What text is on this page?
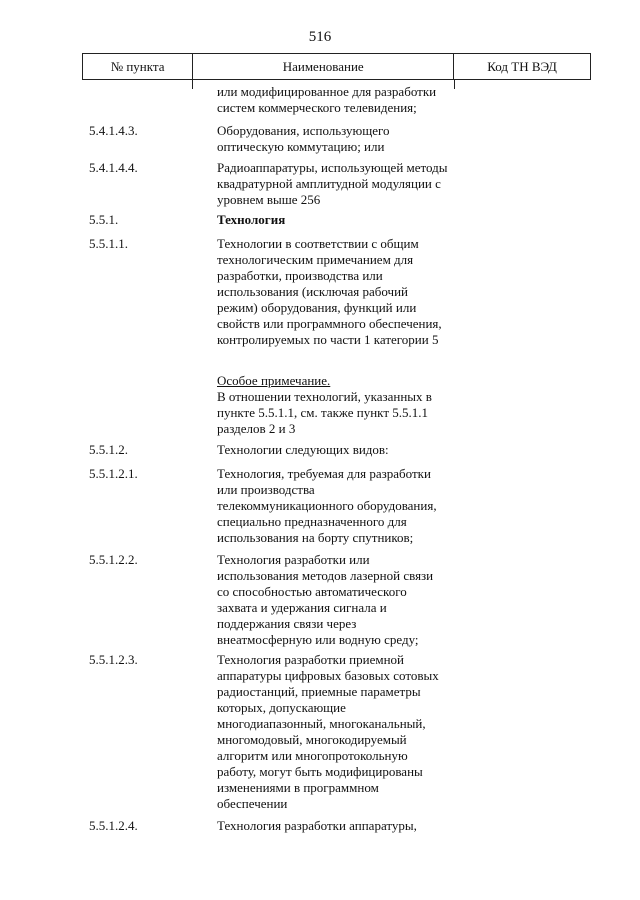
516
№ пункта	Наименование	Код ТН ВЭД
или модифицированное для разработки
систем коммерческого телевидения;
5.4.1.4.3.	Оборудования, использующего
оптическую коммутацию; или
5.4.1.4.4.	Радиоаппаратуры, использующей методы
квадратурной амплитудной модуляции с
уровнем выше 256
5.5.1.	Технология
5.5.1.1.	Технологии в соответствии с общим
технологическим примечанием для
разработки, производства или
использования (исключая рабочий
режим) оборудования, функций или
свойств или программного обеспечения,
контролируемых по части 1 категории 5
Особое примечание.
В отношении технологий, указанных в
пункте 5.5.1.1, см. также пункт 5.5.1.1
разделов 2 и 3
5.5.1.2.	Технологии следующих видов:
5.5.1.2.1.	Технология, требуемая для разработки
или производства
телекоммуникационного оборудования,
специально предназначенного для
использования на борту спутников;
5.5.1.2.2.	Технология разработки или
использования методов лазерной связи
со способностью автоматического
захвата и удержания сигнала и
поддержания связи через
внеатмосферную или водную среду;
5.5.1.2.3.	Технология разработки приемной
аппаратуры цифровых базовых сотовых
радиостанций, приемные параметры
которых, допускающие
многодиапазонный, многоканальный,
многомодовый, многокодируемый
алгоритм или многопротокольную
работу, могут быть модифицированы
изменениями в программном
обеспечении
5.5.1.2.4.	Технология разработки аппаратуры,
